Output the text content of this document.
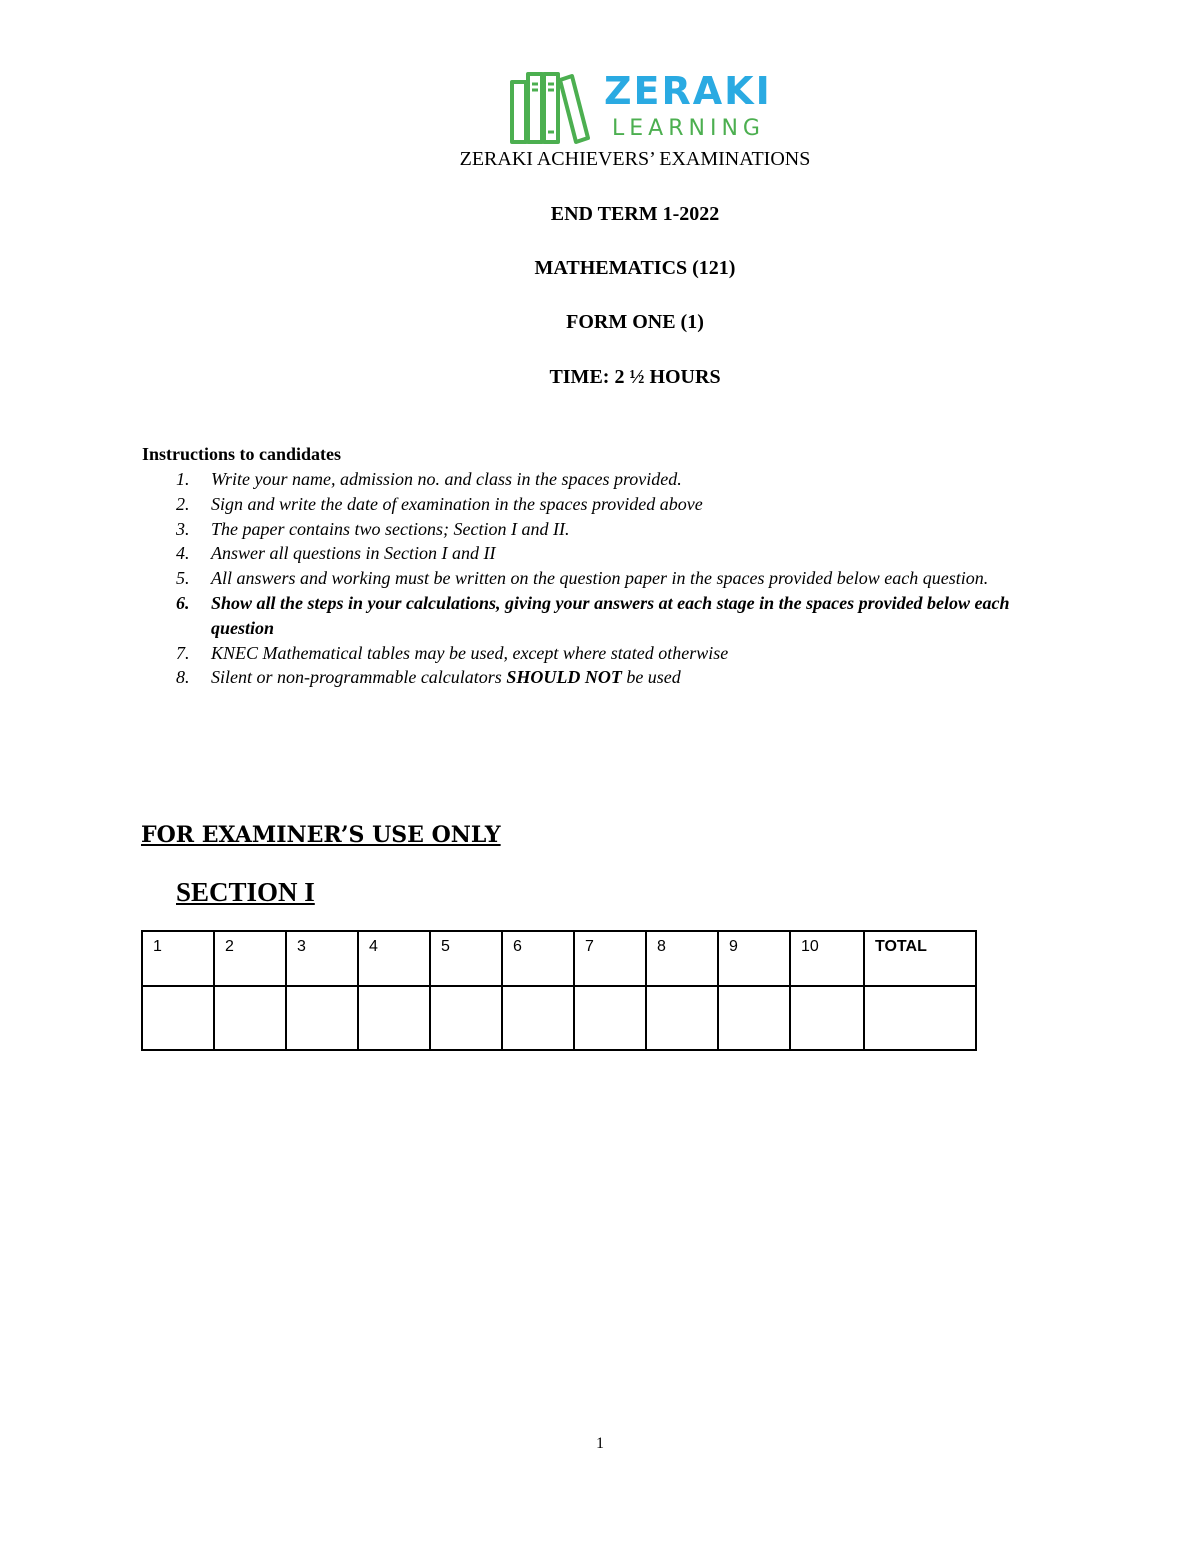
ZERAKI
LEARNING
ZERAKI ACHIEVERS’ EXAMINATIONS
END TERM 1-2022
MATHEMATICS (121)
FORM ONE (1)
TIME: 2 ½ HOURS
Instructions to candidates
1. Write your name, admission no. and class in the spaces provided.
2. Sign and write the date of examination in the spaces provided above
3. The paper contains two sections; Section I and II.
4. Answer all questions in Section I and II
5. All answers and working must be written on the question paper in the spaces provided below each question.
6. Show all the steps in your calculations, giving your answers at each stage in the spaces provided below each question
7. KNEC Mathematical tables may be used, except where stated otherwise
8. Silent or non-programmable calculators SHOULD NOT be used
FOR EXAMINER’S USE ONLY
SECTION I
1	2	3	4	5	6	7	8	9	10	TOTAL

1
